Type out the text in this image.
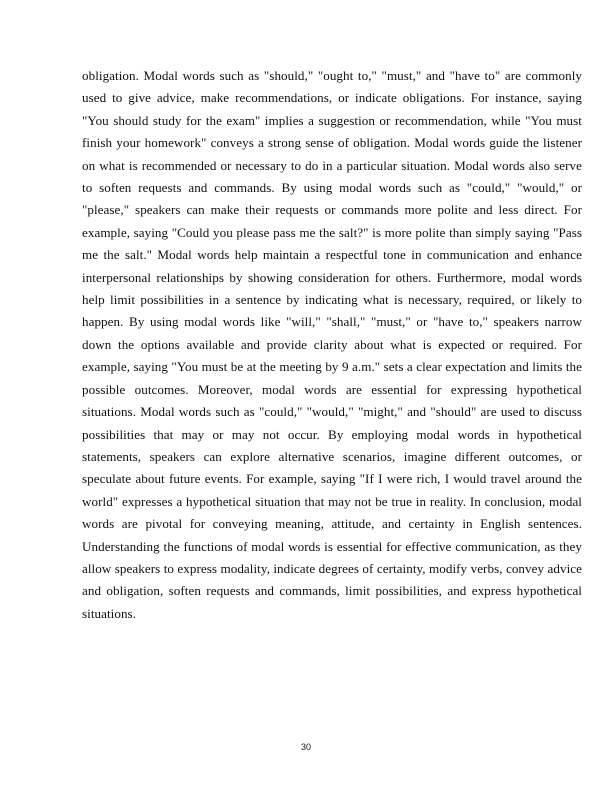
obligation. Modal words such as "should," "ought to," "must," and "have to" are commonly used to give advice, make recommendations, or indicate obligations. For instance, saying "You should study for the exam" implies a suggestion or recommendation, while "You must finish your homework" conveys a strong sense of obligation. Modal words guide the listener on what is recommended or necessary to do in a particular situation. Modal words also serve to soften requests and commands. By using modal words such as "could," "would," or "please," speakers can make their requests or commands more polite and less direct. For example, saying "Could you please pass me the salt?" is more polite than simply saying "Pass me the salt." Modal words help maintain a respectful tone in communication and enhance interpersonal relationships by showing consideration for others. Furthermore, modal words help limit possibilities in a sentence by indicating what is necessary, required, or likely to happen. By using modal words like "will," "shall," "must," or "have to," speakers narrow down the options available and provide clarity about what is expected or required. For example, saying "You must be at the meeting by 9 a.m." sets a clear expectation and limits the possible outcomes. Moreover, modal words are essential for expressing hypothetical situations. Modal words such as "could," "would," "might," and "should" are used to discuss possibilities that may or may not occur. By employing modal words in hypothetical statements, speakers can explore alternative scenarios, imagine different outcomes, or speculate about future events. For example, saying "If I were rich, I would travel around the world" expresses a hypothetical situation that may not be true in reality. In conclusion, modal words are pivotal for conveying meaning, attitude, and certainty in English sentences. Understanding the functions of modal words is essential for effective communication, as they allow speakers to express modality, indicate degrees of certainty, modify verbs, convey advice and obligation, soften requests and commands, limit possibilities, and express hypothetical situations.

30
